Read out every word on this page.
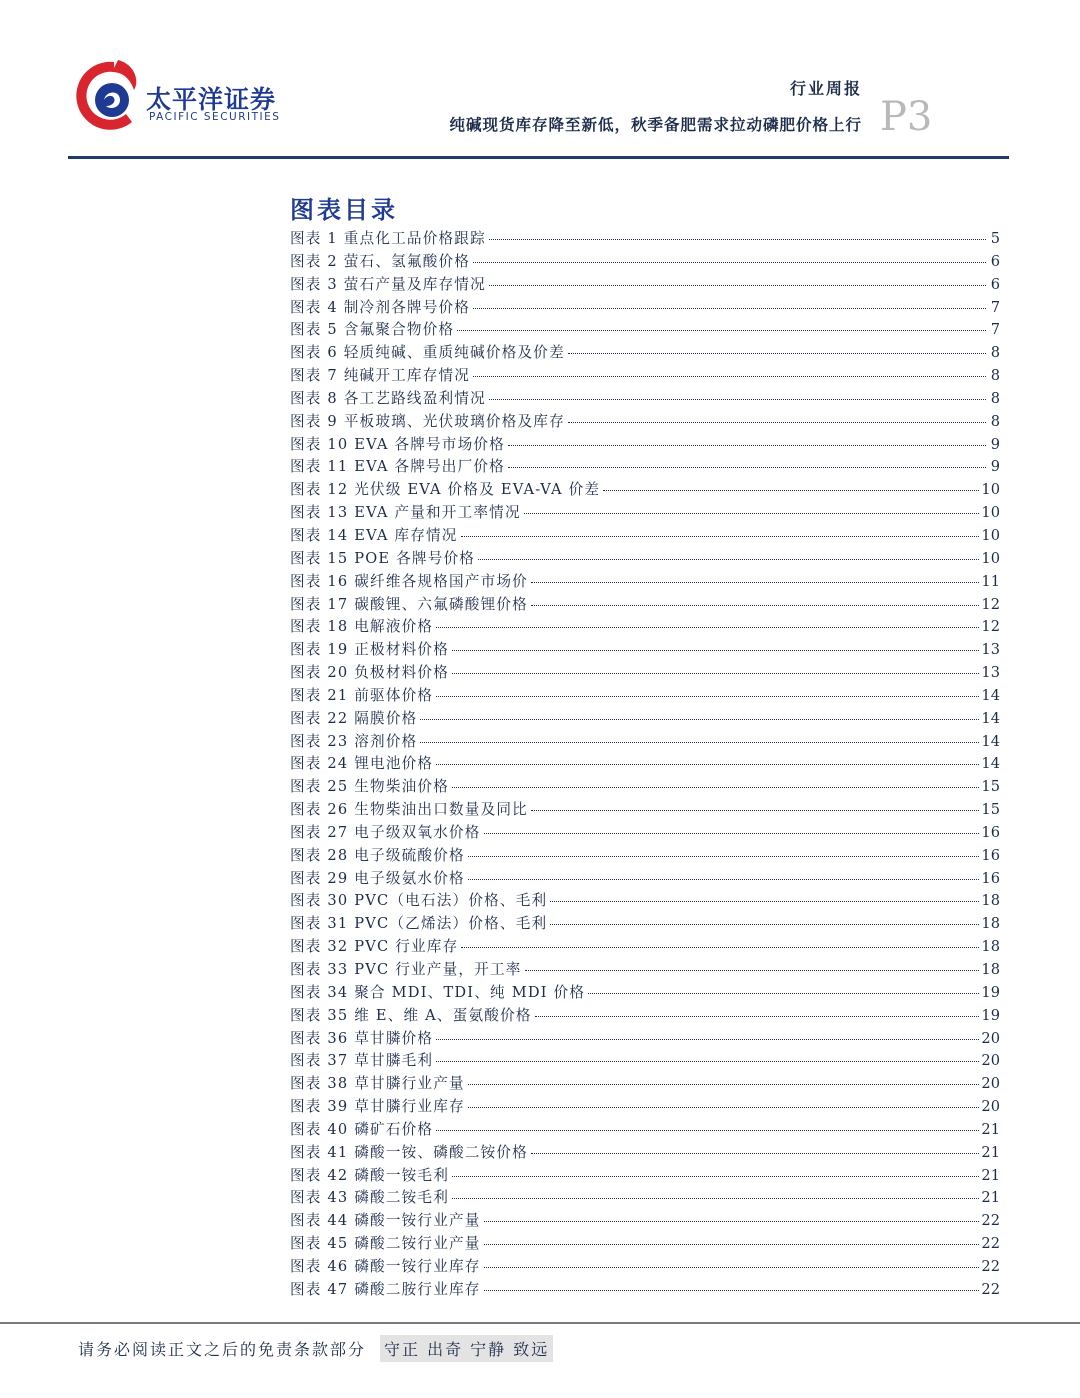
太平洋证券
PACIFIC SECURITIES
行业周报
纯碱现货库存降至新低，秋季备肥需求拉动磷肥价格上行 P3
图表目录
图表 1 重点化工品价格跟踪	5
图表 2 萤石、氢氟酸价格	6
图表 3 萤石产量及库存情况	6
图表 4 制冷剂各牌号价格	7
图表 5 含氟聚合物价格	7
图表 6 轻质纯碱、重质纯碱价格及价差	8
图表 7 纯碱开工库存情况	8
图表 8 各工艺路线盈利情况	8
图表 9 平板玻璃、光伏玻璃价格及库存	8
图表 10 EVA 各牌号市场价格	9
图表 11 EVA 各牌号出厂价格	9
图表 12 光伏级 EVA 价格及 EVA-VA 价差	10
图表 13 EVA 产量和开工率情况	10
图表 14 EVA 库存情况	10
图表 15 POE 各牌号价格	10
图表 16 碳纤维各规格国产市场价	11
图表 17 碳酸锂、六氟磷酸锂价格	12
图表 18 电解液价格	12
图表 19 正极材料价格	13
图表 20 负极材料价格	13
图表 21 前驱体价格	14
图表 22 隔膜价格	14
图表 23 溶剂价格	14
图表 24 锂电池价格	14
图表 25 生物柴油价格	15
图表 26 生物柴油出口数量及同比	15
图表 27 电子级双氧水价格	16
图表 28 电子级硫酸价格	16
图表 29 电子级氨水价格	16
图表 30 PVC（电石法）价格、毛利	18
图表 31 PVC（乙烯法）价格、毛利	18
图表 32 PVC 行业库存	18
图表 33 PVC 行业产量，开工率	18
图表 34 聚合 MDI、TDI、纯 MDI 价格	19
图表 35 维 E、维 A、蛋氨酸价格	19
图表 36 草甘膦价格	20
图表 37 草甘膦毛利	20
图表 38 草甘膦行业产量	20
图表 39 草甘膦行业库存	20
图表 40 磷矿石价格	21
图表 41 磷酸一铵、磷酸二铵价格	21
图表 42 磷酸一铵毛利	21
图表 43 磷酸二铵毛利	21
图表 44 磷酸一铵行业产量	22
图表 45 磷酸二铵行业产量	22
图表 46 磷酸一铵行业库存	22
图表 47 磷酸二胺行业库存	22
请务必阅读正文之后的免责条款部分 守正 出奇 宁静 致远
